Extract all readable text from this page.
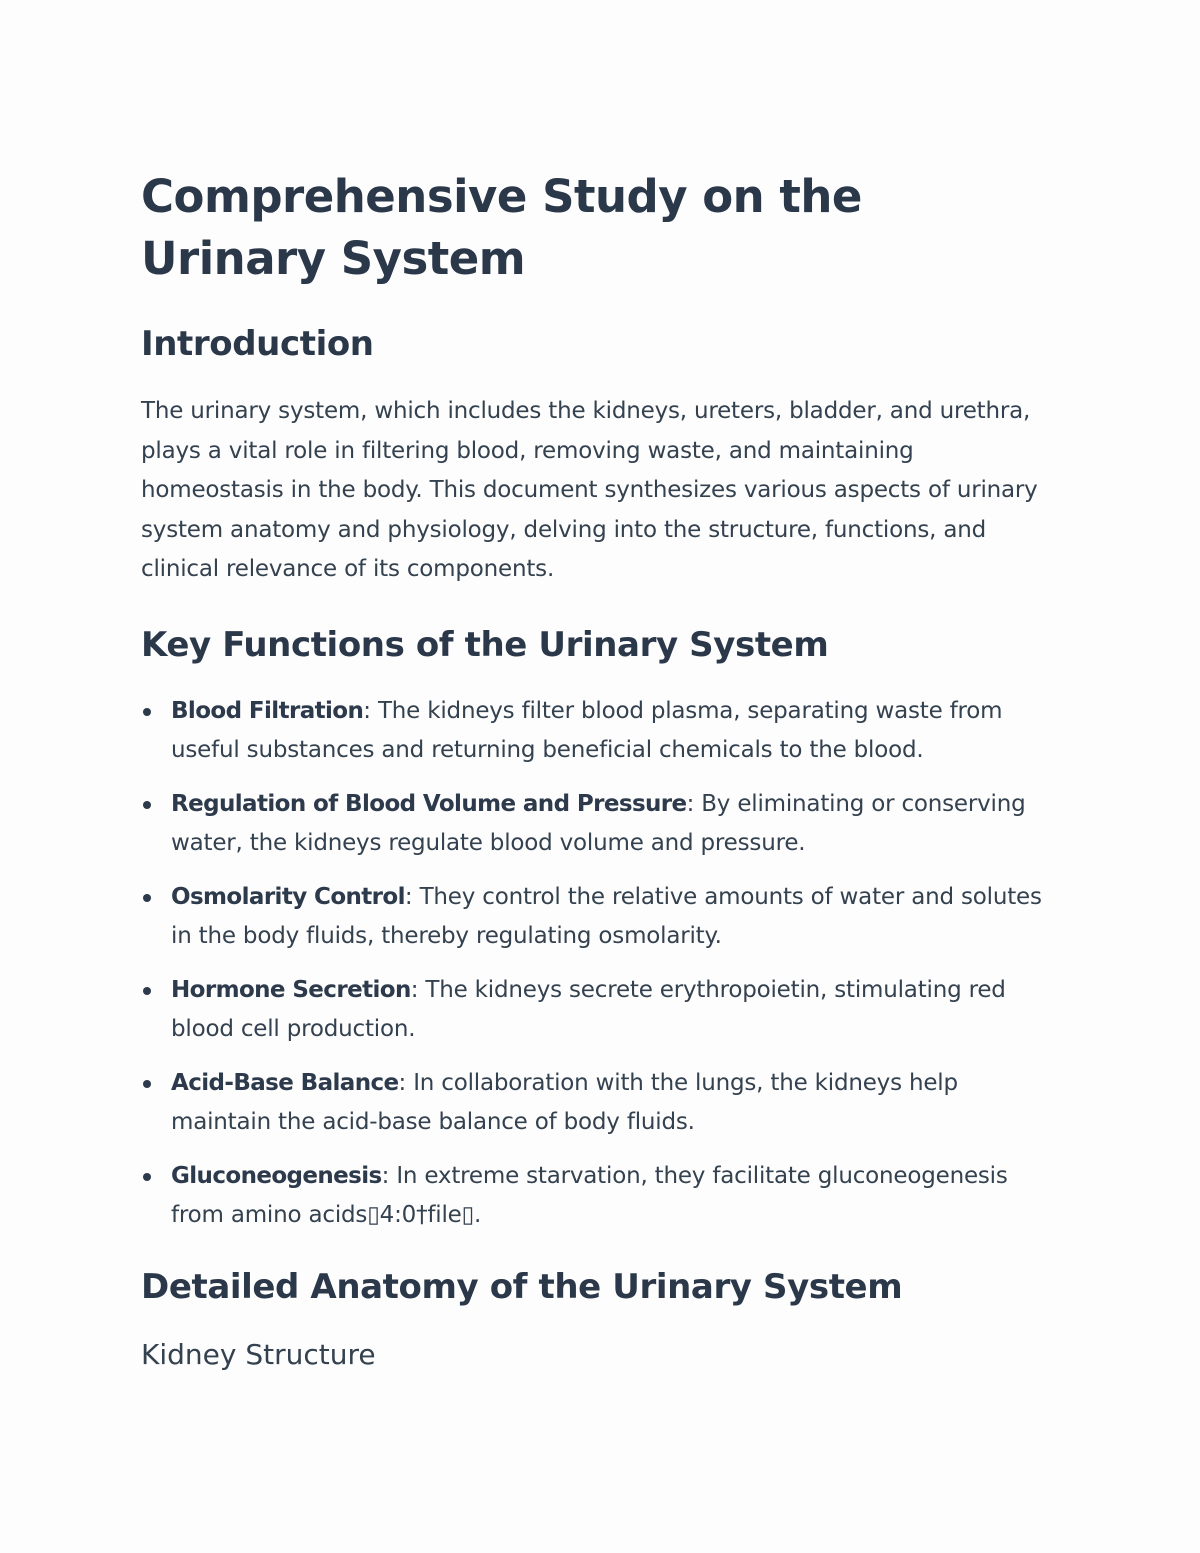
Comprehensive Study on the Urinary System
Introduction

The urinary system, which includes the kidneys, ureters, bladder, and urethra, plays a vital role in filtering blood, removing waste, and maintaining homeostasis in the body. This document synthesizes various aspects of urinary system anatomy and physiology, delving into the structure, functions, and clinical relevance of its components.

Key Functions of the Urinary System
Blood Filtration: The kidneys filter blood plasma, separating waste from useful substances and returning beneficial chemicals to the blood.
Regulation of Blood Volume and Pressure: By eliminating or conserving water, the kidneys regulate blood volume and pressure.
Osmolarity Control: They control the relative amounts of water and solutes in the body fluids, thereby regulating osmolarity.
Hormone Secretion: The kidneys secrete erythropoietin, stimulating red blood cell production.
Acid-Base Balance: In collaboration with the lungs, the kidneys help maintain the acid-base balance of body fluids.
Gluconeogenesis: In extreme starvation, they facilitate gluconeogenesis from amino acids▯4:0†file▯.
Detailed Anatomy of the Urinary System
Kidney Structure
